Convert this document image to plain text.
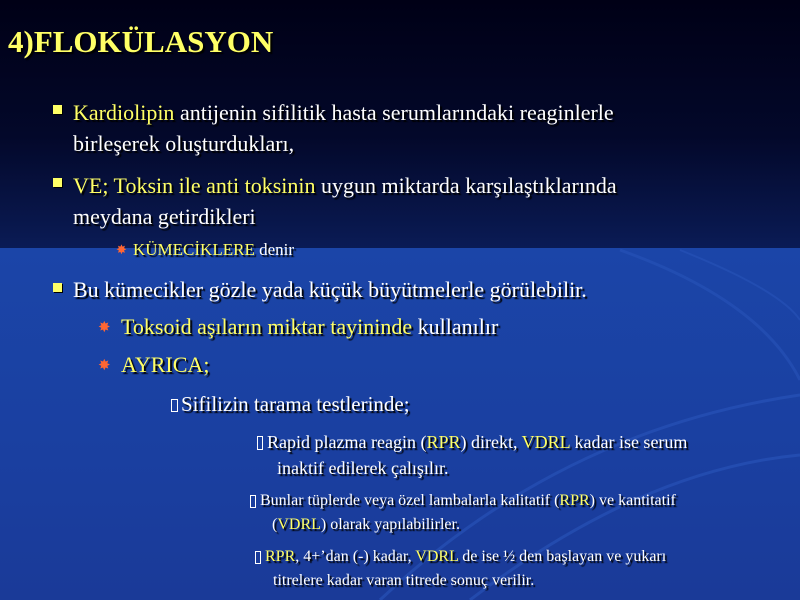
4)FLOKÜLASYON
Kardiolipin antijenin sifilitik hasta serumlarındaki reaginlerle
birleşerek oluşturdukları,
VE; Toksin ile anti toksinin uygun miktarda karşılaştıklarında
meydana getirdikleri
✸ KÜMECİKLERE denir
Bu kümecikler gözle yada küçük büyütmelerle görülebilir.
✸ Toksoid aşıların miktar tayininde kullanılır
✸ AYRICA;
Sifilizin tarama testlerinde;
Rapid plazma reagin (RPR) direkt, VDRL kadar ise serum
inaktif edilerek çalışılır.
Bunlar tüplerde veya özel lambalarla kalitatif (RPR) ve kantitatif
(VDRL) olarak yapılabilirler.
RPR, 4+’dan (-) kadar, VDRL de ise ½ den başlayan ve yukarı
titrelere kadar varan titrede sonuç verilir.
